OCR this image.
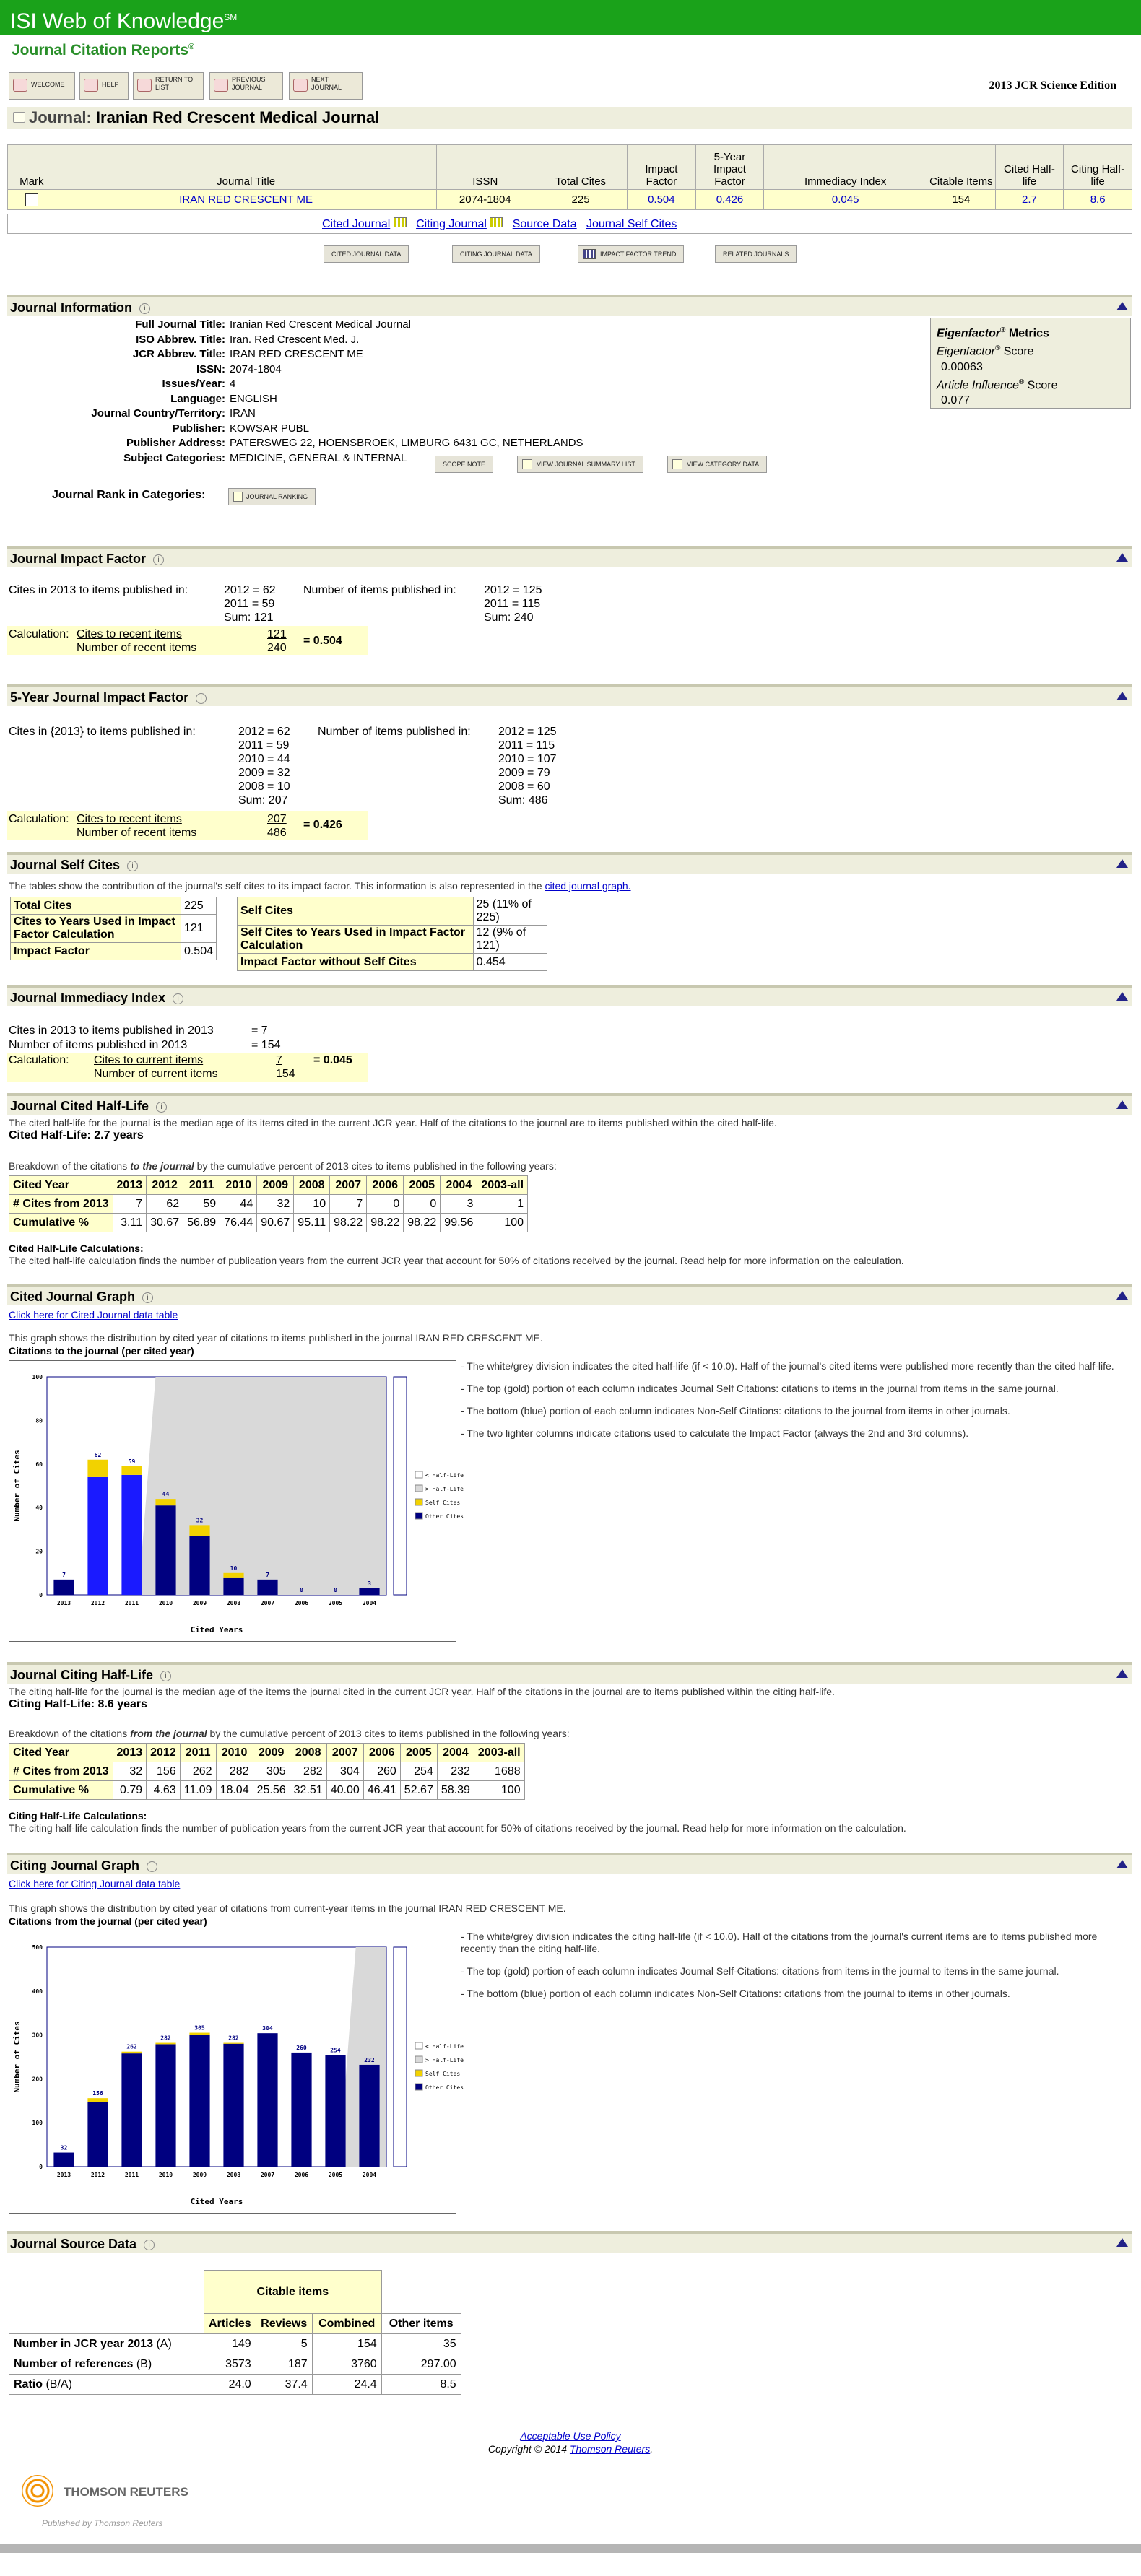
ISI Web of Knowledge℠
Journal Citation Reports®
WELCOME	HELP
RETURN TO LIST
PREVIOUS JOURNAL
NEXT JOURNAL	2013 JCR Science Edition
Journal: Iranian Red Crescent Medical Journal
Mark	Journal Title	ISSN	Total Cites	Impact Factor	5-Year Impact Factor	Immediacy Index	Citable Items	Cited Half-life	Citing Half-life
	IRAN RED CRESCENT ME	2074-1804	225	0.504	0.426	0.045	154	2.7	8.6
Cited Journal Citing Journal Source Data Journal Self Cites
CITED JOURNAL DATA	CITING JOURNAL DATA	IMPACT FACTOR TREND	RELATED JOURNALS
Journal Information i
Full Journal Title: Iranian Red Crescent Medical Journal
ISO Abbrev. Title: Iran. Red Crescent Med. J.
JCR Abbrev. Title: IRAN RED CRESCENT ME
ISSN: 2074-1804
Issues/Year: 4
Language: ENGLISH
Journal Country/Territory: IRAN
Publisher: KOWSAR PUBL
Publisher Address: PATERSWEG 22, HOENSBROEK, LIMBURG 6431 GC, NETHERLANDS
Subject Categories: MEDICINE, GENERAL & INTERNAL
SCOPE NOTE	VIEW JOURNAL SUMMARY LIST	VIEW CATEGORY DATA
Journal Rank in Categories:	JOURNAL RANKING
Eigenfactor® Metrics
Eigenfactor® Score
0.00063
Article Influence® Score
0.077
Journal Impact Factor i
Cites in 2013 to items published in:	2012 = 62
2011 = 59
Sum: 121
Number of items published in: 2012 = 125
2011 = 115
Sum: 240
Calculation: Cites to recent items
Number of recent items
121
240
= 0.504
5-Year Journal Impact Factor i
Cites in {2013} to items published in:	2012 = 62
2011 = 59
2010 = 44
2009 = 32
2008 = 10
Sum: 207
Number of items published in: 2012 = 125
2011 = 115
2010 = 107
2009 = 79
2008 = 60
Sum: 486
Calculation: Cites to recent items
Number of recent items
207
486
= 0.426
Journal Self Cites i
The tables show the contribution of the journal's self cites to its impact factor. This information is also represented in the cited journal graph.
Total Cites	225
Cites to Years Used in Impact Factor Calculation	121
Impact Factor	0.504
Self Cites	25 (11% of 225)
Self Cites to Years Used in Impact Factor Calculation	12 (9% of 121)
Impact Factor without Self Cites	0.454
Journal Immediacy Index i
Cites in 2013 to items published in 2013	= 7
Number of items published in 2013	= 154
Calculation: Cites to current items
Number of current items
7
154
= 0.045
Journal Cited Half-Life i
The cited half-life for the journal is the median age of its items cited in the current JCR year. Half of the citations to the journal are to items published within the cited half-life.
Cited Half-Life: 2.7 years
Breakdown of the citations to the journal by the cumulative percent of 2013 cites to items published in the following years:
Cited Year	2013	2012	2011	2010	2009	2008	2007	2006	2005	2004	2003-all
# Cites from 2013	7	62	59	44	32	10	7	0	0	3	1
Cumulative %	3.11	30.67	56.89	76.44	90.67	95.11	98.22	98.22	98.22	99.56	100
Cited Half-Life Calculations:
The cited half-life calculation finds the number of publication years from the current JCR year that account for 50% of citations received by the journal. Read help for more information on the calculation.
Cited Journal Graph i
Click here for Cited Journal data table
This graph shows the distribution by cited year of citations to items published in the journal IRAN RED CRESCENT ME.
Citations to the journal (per cited year)
0
20
40
60
80
100
7
2013
62
2012
59
2011
44
2010
32
2009
10
2008
7
2007
0
2006
0
2005
3
2004
Cited Years
Number of Cites	< Half-Life
> Half-Life
Self Cites
Other Cites
- The white/grey division indicates the cited half-life (if < 10.0). Half of the journal's cited items were published more recently than the cited half-life.
- The top (gold) portion of each column indicates Journal Self Citations: citations to items in the journal from items in the same journal.
- The bottom (blue) portion of each column indicates Non-Self Citations: citations to the journal from items in other journals.
- The two lighter columns indicate citations used to calculate the Impact Factor (always the 2nd and 3rd columns).
Journal Citing Half-Life i
The citing half-life for the journal is the median age of the items the journal cited in the current JCR year. Half of the citations in the journal are to items published within the citing half-life.
Citing Half-Life: 8.6 years
Breakdown of the citations from the journal by the cumulative percent of 2013 cites to items published in the following years:
Cited Year	2013	2012	2011	2010	2009	2008	2007	2006	2005	2004	2003-all
# Cites from 2013	32	156	262	282	305	282	304	260	254	232	1688
Cumulative %	0.79	4.63	11.09	18.04	25.56	32.51	40.00	46.41	52.67	58.39	100
Citing Half-Life Calculations:
The citing half-life calculation finds the number of publication years from the current JCR year that account for 50% of citations received by the journal. Read help for more information on the calculation.
Citing Journal Graph i
Click here for Citing Journal data table
This graph shows the distribution by cited year of citations from current-year items in the journal IRAN RED CRESCENT ME.
Citations from the journal (per cited year)
0
100
200
300
400
500
32
2013
156
2012
262
2011
282
2010
305
2009
282
2008
304
2007
260
2006
254
2005
232
2004
Cited Years
Number of Cites	< Half-Life
> Half-Life
Self Cites
Other Cites
- The white/grey division indicates the citing half-life (if < 10.0). Half of the citations from the journal's current items are to items published more recently than the citing half-life.
- The top (gold) portion of each column indicates Journal Self-Citations: citations from items in the journal to items in the same journal.
- The bottom (blue) portion of each column indicates Non-Self Citations: citations from the journal to items in other journals.
Journal Source Data i
	Citable items			
	Articles	Reviews	Combined	Other items
Number in JCR year 2013 (A)	149	5	154	35
Number of references (B)	3573	187	3760	297.00
Ratio (B/A)	24.0	37.4	24.4	8.5
Acceptable Use Policy
Copyright © 2014 Thomson Reuters.
THOMSON REUTERS
Published by Thomson Reuters
